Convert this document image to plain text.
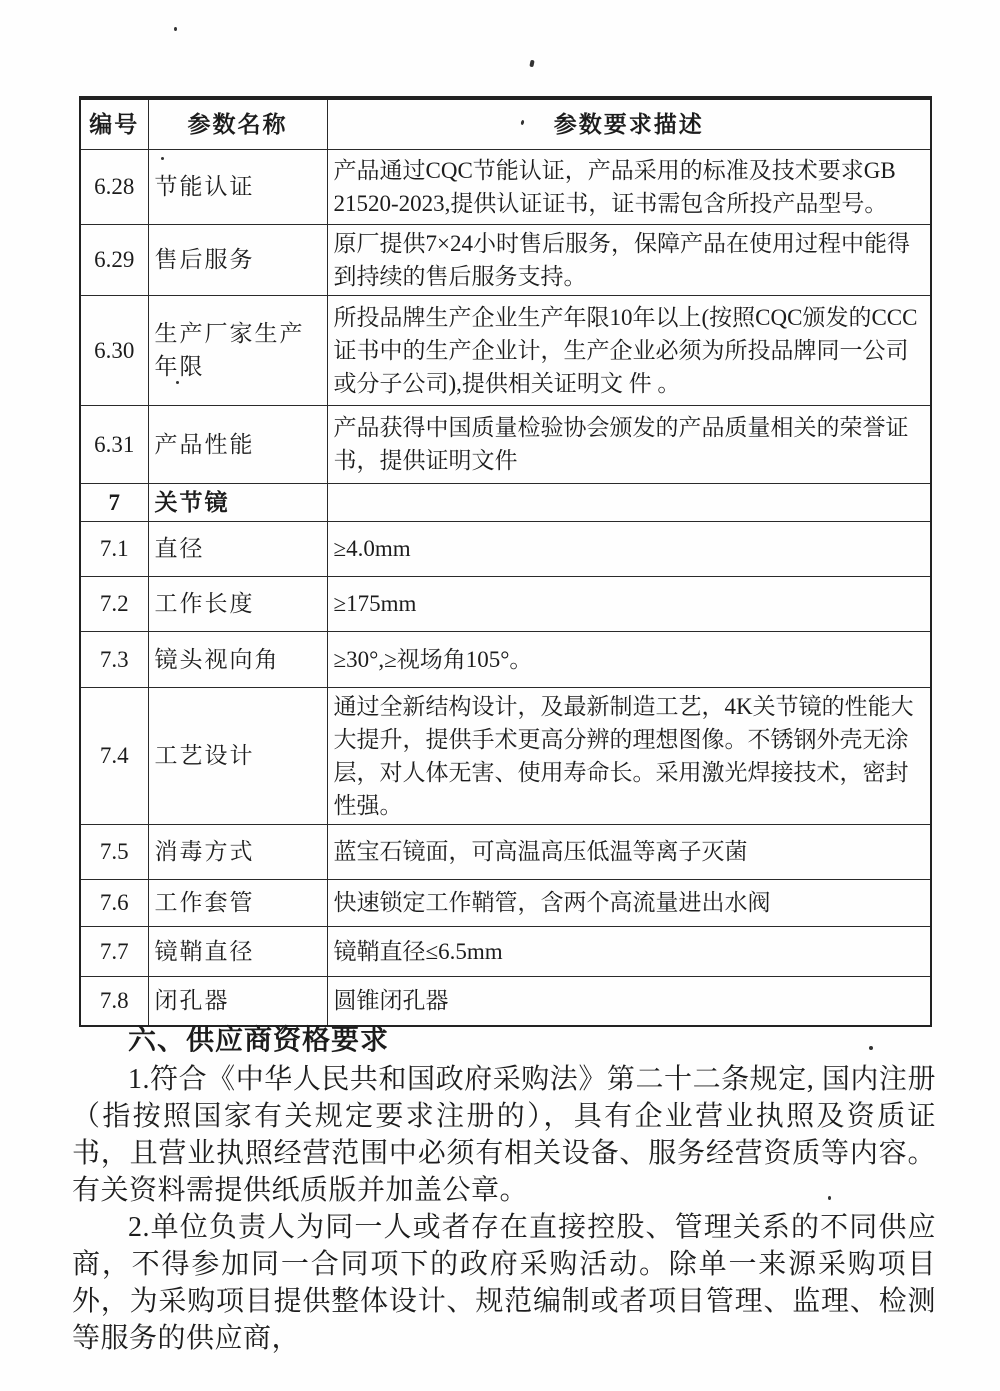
编号	参数名称	参数要求描述
6.28	节能认证	产品通过CQC节能认证，产品采用的标准及技术要求GB 21520-2023,提供认证证书，证书需包含所投产品型号。
6.29	售后服务	原厂提供7×24小时售后服务，保障产品在使用过程中能得到持续的售后服务支持。
6.30	生产厂家生产年限	所投品牌生产企业生产年限10年以上(按照CQC颁发的CCC证书中的生产企业计，生产企业必须为所投品牌同一公司或分子公司),提供相关证明文 件 。
6.31	产品性能	产品获得中国质量检验协会颁发的产品质量相关的荣誉证书，提供证明文件
7	关节镜	
7.1	直径	≥4.0mm
7.2	工作长度	≥175mm
7.3	镜头视向角	≥30°,≥视场角105°。
7.4	工艺设计	通过全新结构设计，及最新制造工艺，4K关节镜的性能大大提升，提供手术更高分辨的理想图像。不锈钢外壳无涂层，对人体无害、使用寿命长。采用激光焊接技术，密封性强。
7.5	消毒方式	蓝宝石镜面，可高温高压低温等离子灭菌
7.6	工作套管	快速锁定工作鞘管，含两个高流量进出水阀
7.7	镜鞘直径	镜鞘直径≤6.5mm
7.8	闭孔器	圆锥闭孔器
六、供应商资格要求

1.符合《中华人民共和国政府采购法》第二十二条规定, 国内注册（指按照国家有关规定要求注册的），具有企业营业执照及资质证书，且营业执照经营范围中必须有相关设备、服务经营资质等内容。有关资料需提供纸质版并加盖公章。

2.单位负责人为同一人或者存在直接控股、管理关系的不同供应商，不得参加同一合同项下的政府采购活动。除单一来源采购项目外，为采购项目提供整体设计、规范编制或者项目管理、监理、检测等服务的供应商，
